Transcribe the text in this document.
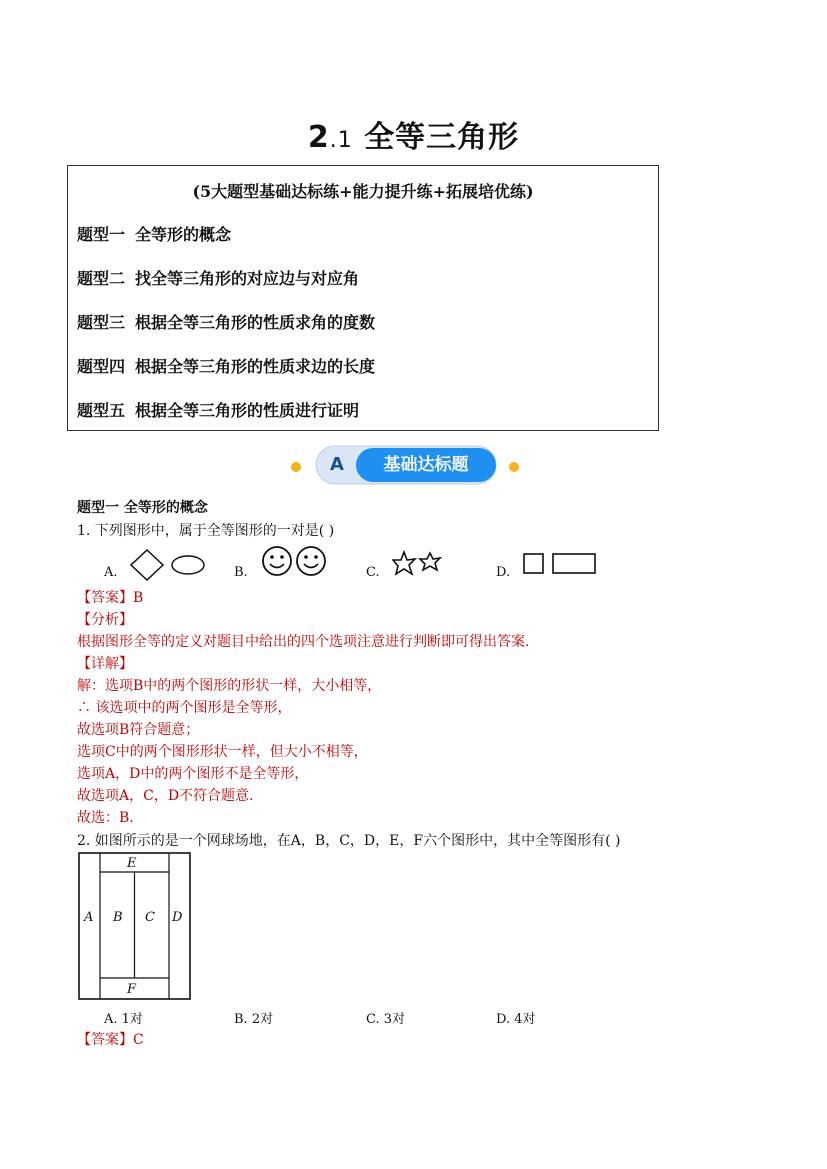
2.1 全等三角形
(5大题型基础达标练+能力提升练+拓展培优练)
题型一 全等形的概念
题型二 找全等三角形的对应边与对应角
题型三 根据全等三角形的性质求角的度数
题型四 根据全等三角形的性质求边的长度
题型五 根据全等三角形的性质进行证明
A	基础达标题
题型一 全等形的概念
1. 下列图形中，属于全等图形的一对是( )
A.	B.	C.	D.
【答案】B
【分析】
根据图形全等的定义对题目中给出的四个选项注意进行判断即可得出答案.
【详解】
解：选项B中的两个图形的形状一样，大小相等，
∴ 该选项中的两个图形是全等形，
故选项B符合题意；
选项C中的两个图形形状一样，但大小不相等，
选项A，D中的两个图形不是全等形，
故选项A，C，D不符合题意.
故选：B.
2. 如图所示的是一个网球场地，在A，B，C，D，E，F六个图形中，其中全等图形有( )
E
A B C D
F
A. 1对	B. 2对	C. 3对	D. 4对
【答案】C
